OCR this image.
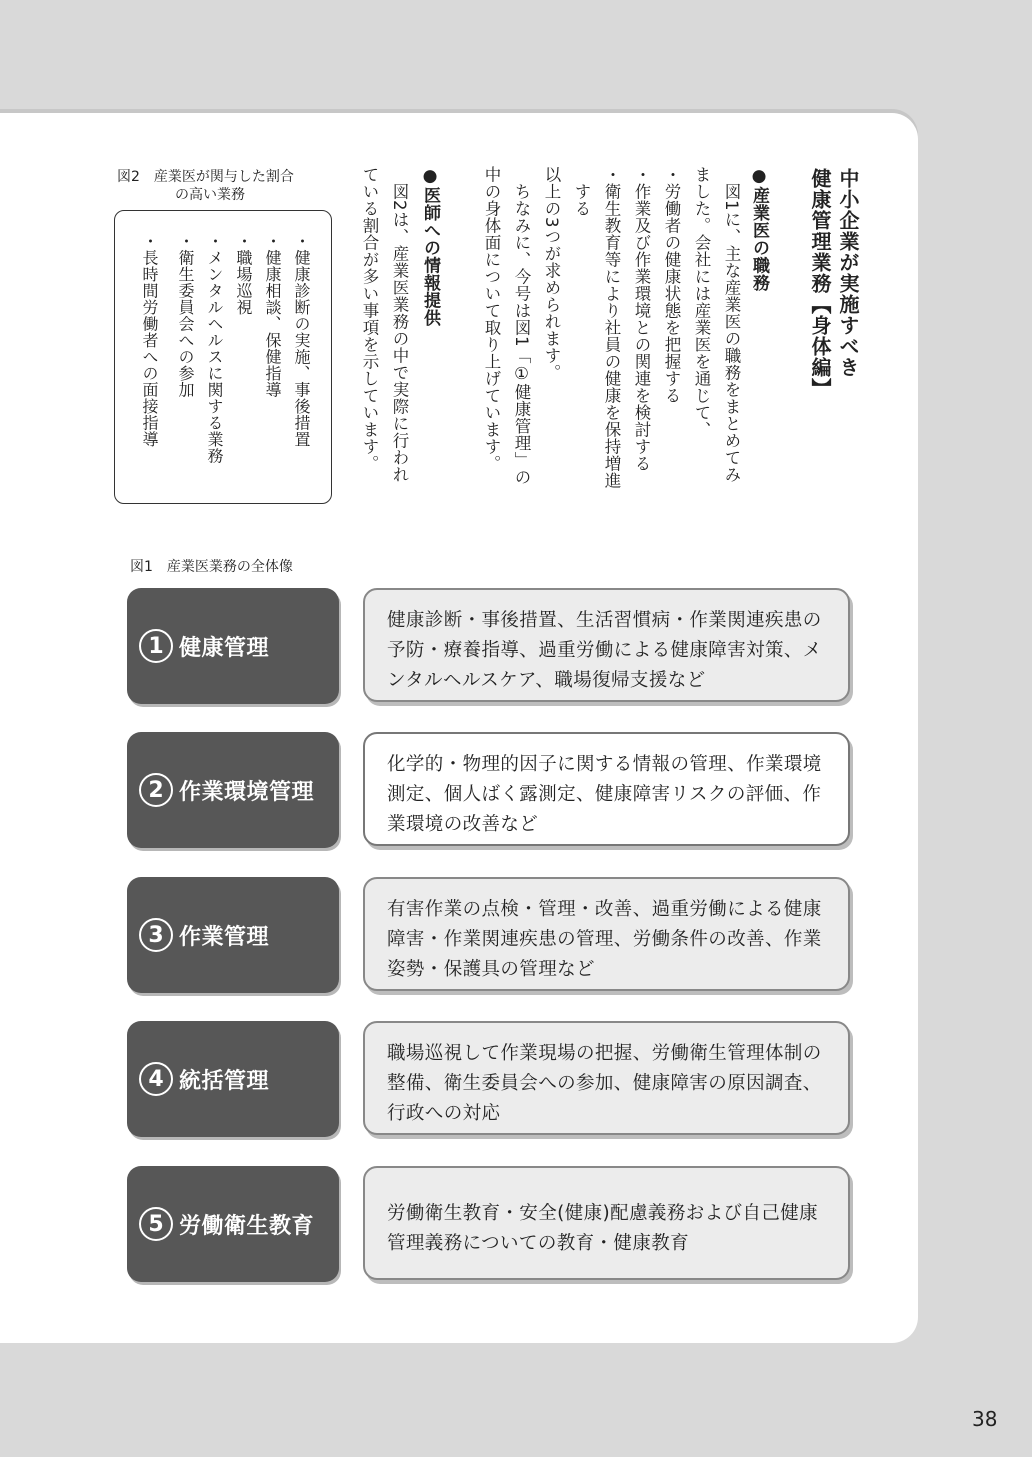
健康管理業務【身体編】 中小企業が実施すべき
●産業医の職務
　図1に、主な産業医の職務をまとめてみ
ました。会社には産業医を通じて、
・労働者の健康状態を把握する
・作業及び作業環境との関連を検討する
・衛生教育等により社員の健康を保持増進
　する
以上の3つが求められます。
　ちなみに、今号は図1「①健康管理」の
中の身体面について取り上げています。
●医師への情報提供
　図2は、産業医業務の中で実際に行われ
ている割合が多い事項を示しています。
図2　産業医が関与した割合
の高い業務
・健康診断の実施、事後措置
・健康相談、保健指導
・職場巡視
・メンタルヘルスに関する業務
・衛生委員会への参加
・長時間労働者への面接指導
図1　産業医業務の全体像
1 健康管理
健康診断・事後措置、生活習慣病・作業関連疾患の予防・療養指導、過重労働による健康障害対策、メンタルヘルスケア、職場復帰支援など
2 作業環境管理
化学的・物理的因子に関する情報の管理、作業環境測定、個人ばく露測定、健康障害リスクの評価、作業環境の改善など
3 作業管理
有害作業の点検・管理・改善、過重労働による健康障害・作業関連疾患の管理、労働条件の改善、作業姿勢・保護具の管理など
4 統括管理
職場巡視して作業現場の把握、労働衛生管理体制の整備、衛生委員会への参加、健康障害の原因調査、行政への対応
5 労働衛生教育	労働衛生教育・安全(健康)配慮義務および自己健康管理義務についての教育・健康教育
38
